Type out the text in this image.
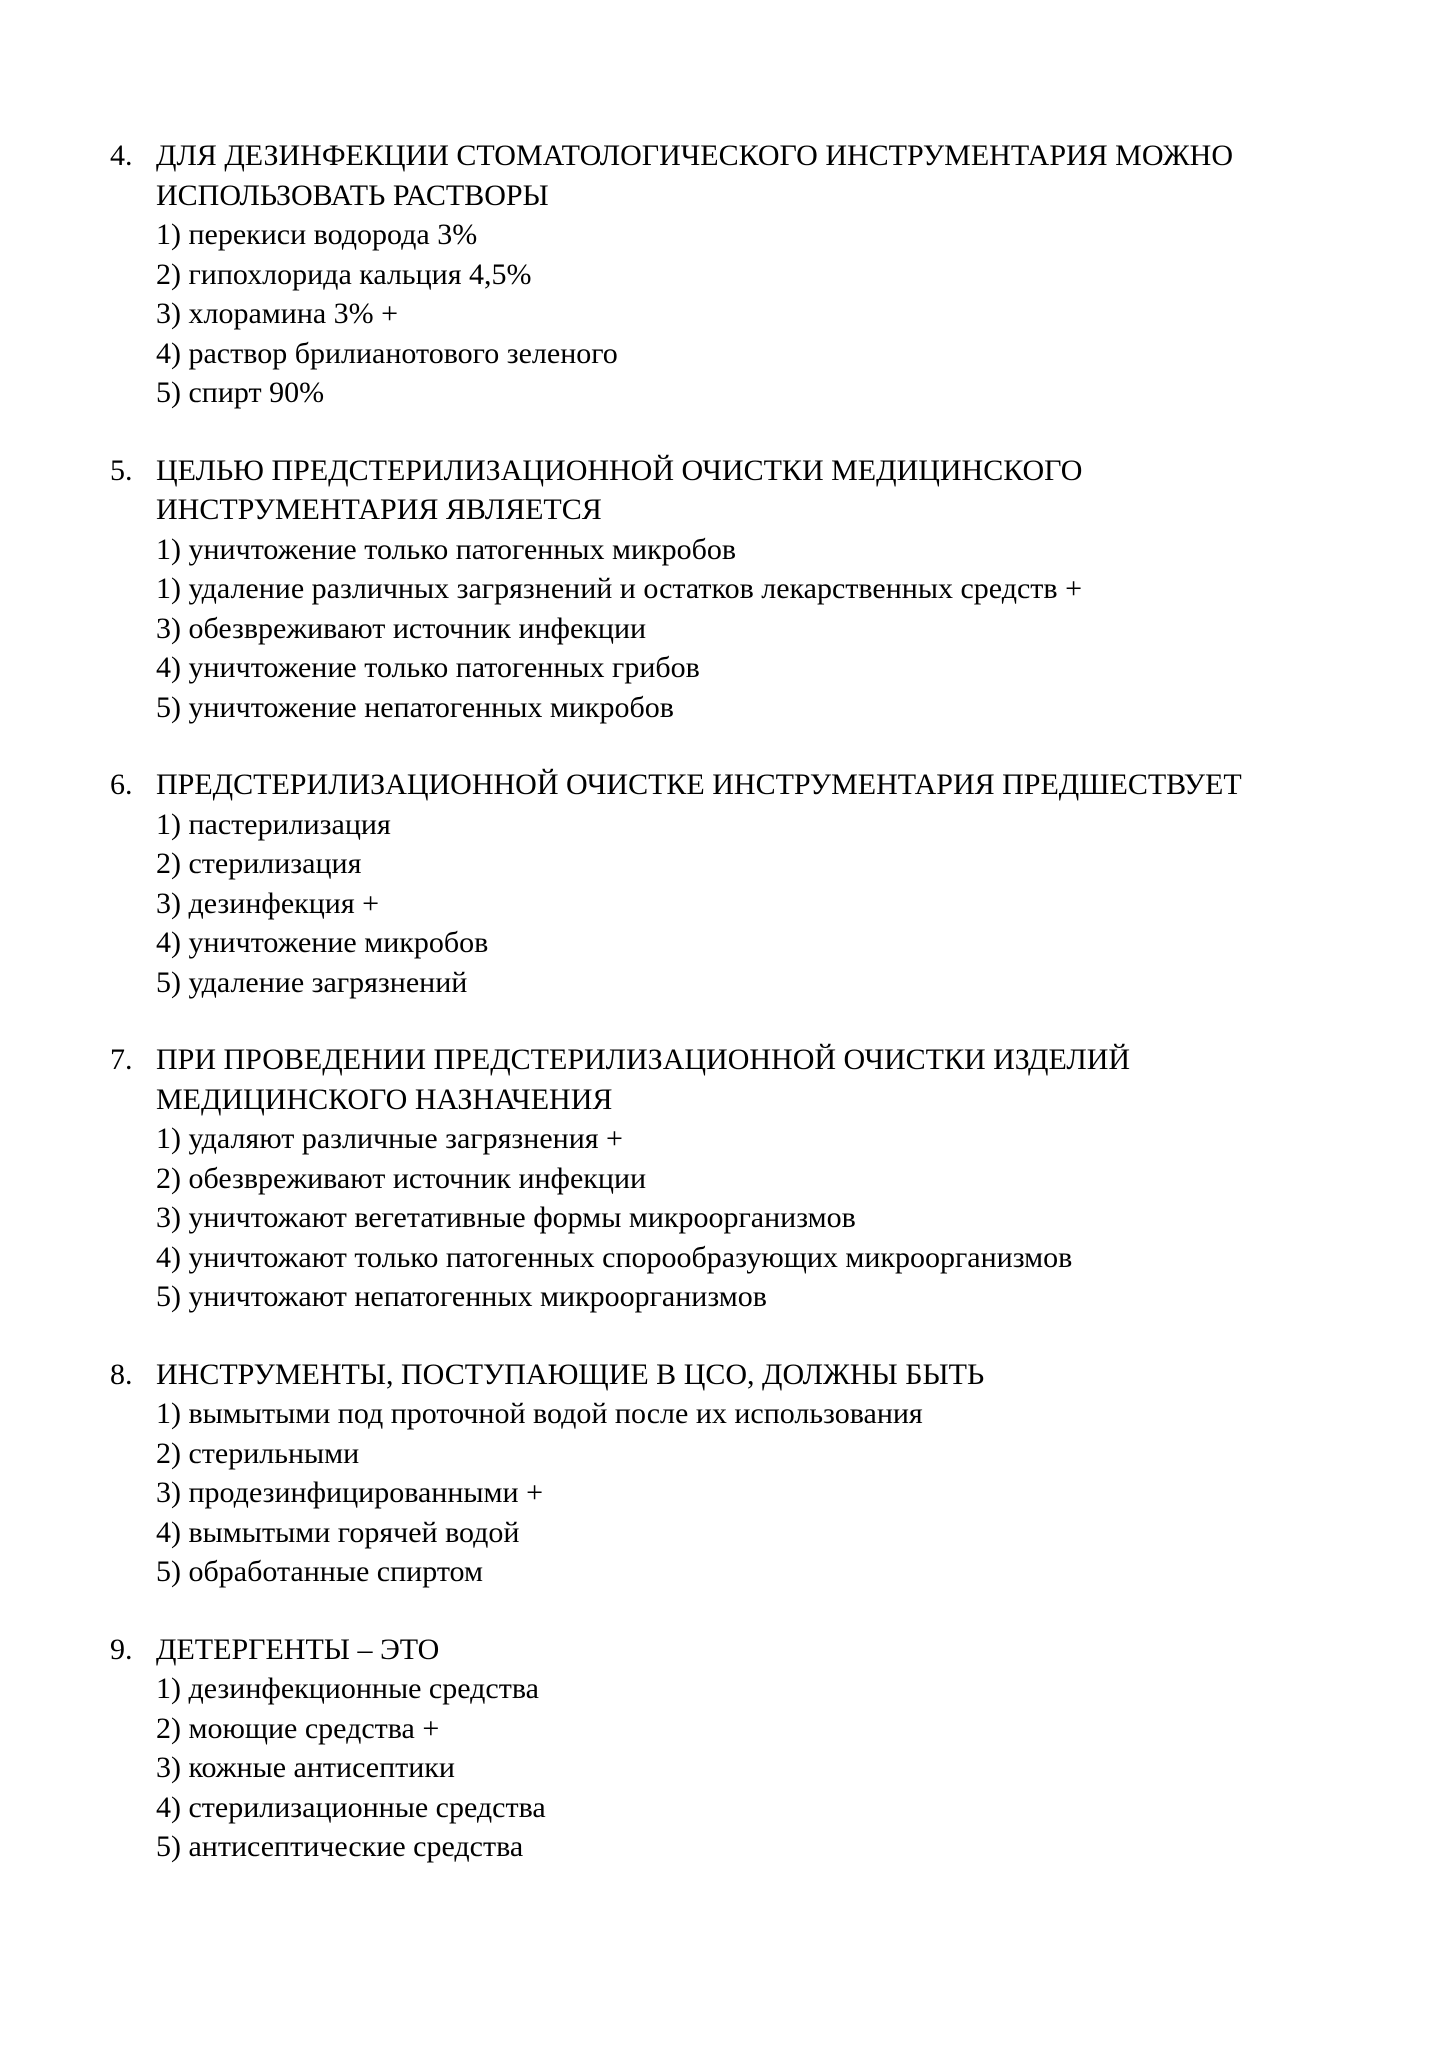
4. ДЛЯ ДЕЗИНФЕКЦИИ СТОМАТОЛОГИЧЕСКОГО ИНСТРУМЕНТАРИЯ МОЖНО ИСПОЛЬЗОВАТЬ РАСТВОРЫ
1) перекиси водорода 3%
2) гипохлорида кальция 4,5%
3) хлорамина 3% +
4) раствор брилианотового зеленого
5) спирт 90%
5. ЦЕЛЬЮ ПРЕДСТЕРИЛИЗАЦИОННОЙ ОЧИСТКИ МЕДИЦИНСКОГО ИНСТРУМЕНТАРИЯ ЯВЛЯЕТСЯ
1) уничтожение только патогенных микробов
1) удаление различных загрязнений и остатков лекарственных средств +
3) обезвреживают источник инфекции
4) уничтожение только патогенных грибов
5) уничтожение непатогенных микробов
6. ПРЕДСТЕРИЛИЗАЦИОННОЙ ОЧИСТКЕ ИНСТРУМЕНТАРИЯ ПРЕДШЕСТВУЕТ
1) пастерилизация
2) стерилизация
3) дезинфекция +
4) уничтожение микробов
5) удаление загрязнений
7. ПРИ ПРОВЕДЕНИИ ПРЕДСТЕРИЛИЗАЦИОННОЙ ОЧИСТКИ ИЗДЕЛИЙ МЕДИЦИНСКОГО НАЗНАЧЕНИЯ
1) удаляют различные загрязнения +
2) обезвреживают источник инфекции
3) уничтожают вегетативные формы микроорганизмов
4) уничтожают только патогенных спорообразующих микроорганизмов
5) уничтожают непатогенных микроорганизмов
8. ИНСТРУМЕНТЫ, ПОСТУПАЮЩИЕ В ЦСО, ДОЛЖНЫ БЫТЬ
1) вымытыми под проточной водой после их использования
2) стерильными
3) продезинфицированными +
4) вымытыми горячей водой
5) обработанные спиртом
9. ДЕТЕРГЕНТЫ – ЭТО
1) дезинфекционные средства
2) моющие средства +
3) кожные антисептики
4) стерилизационные средства
5) антисептические средства
